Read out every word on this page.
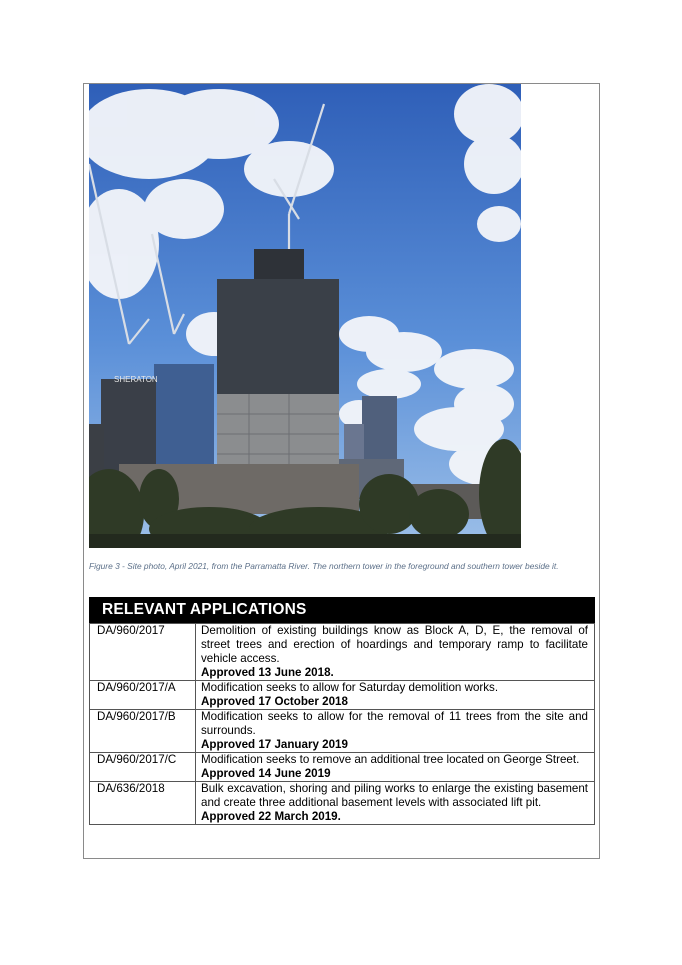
SHERATON
Figure 3 - Site photo, April 2021, from the Parramatta River. The northern tower in the foreground and southern tower beside it.
RELEVANT APPLICATIONS
DA/960/2017	Demolition of existing buildings know as Block A, D, E, the removal of street trees and erection of hoardings and temporary ramp to facilitate vehicle access.
Approved 13 June 2018.

DA/960/2017/A	Modification seeks to allow for Saturday demolition works.
Approved 17 October 2018

DA/960/2017/B	Modification seeks to allow for the removal of 11 trees from the site and surrounds.
Approved 17 January 2019

DA/960/2017/C	Modification seeks to remove an additional tree located on George Street.
Approved 14 June 2019

DA/636/2018	Bulk excavation, shoring and piling works to enlarge the existing basement and create three additional basement levels with associated lift pit.
Approved 22 March 2019.
